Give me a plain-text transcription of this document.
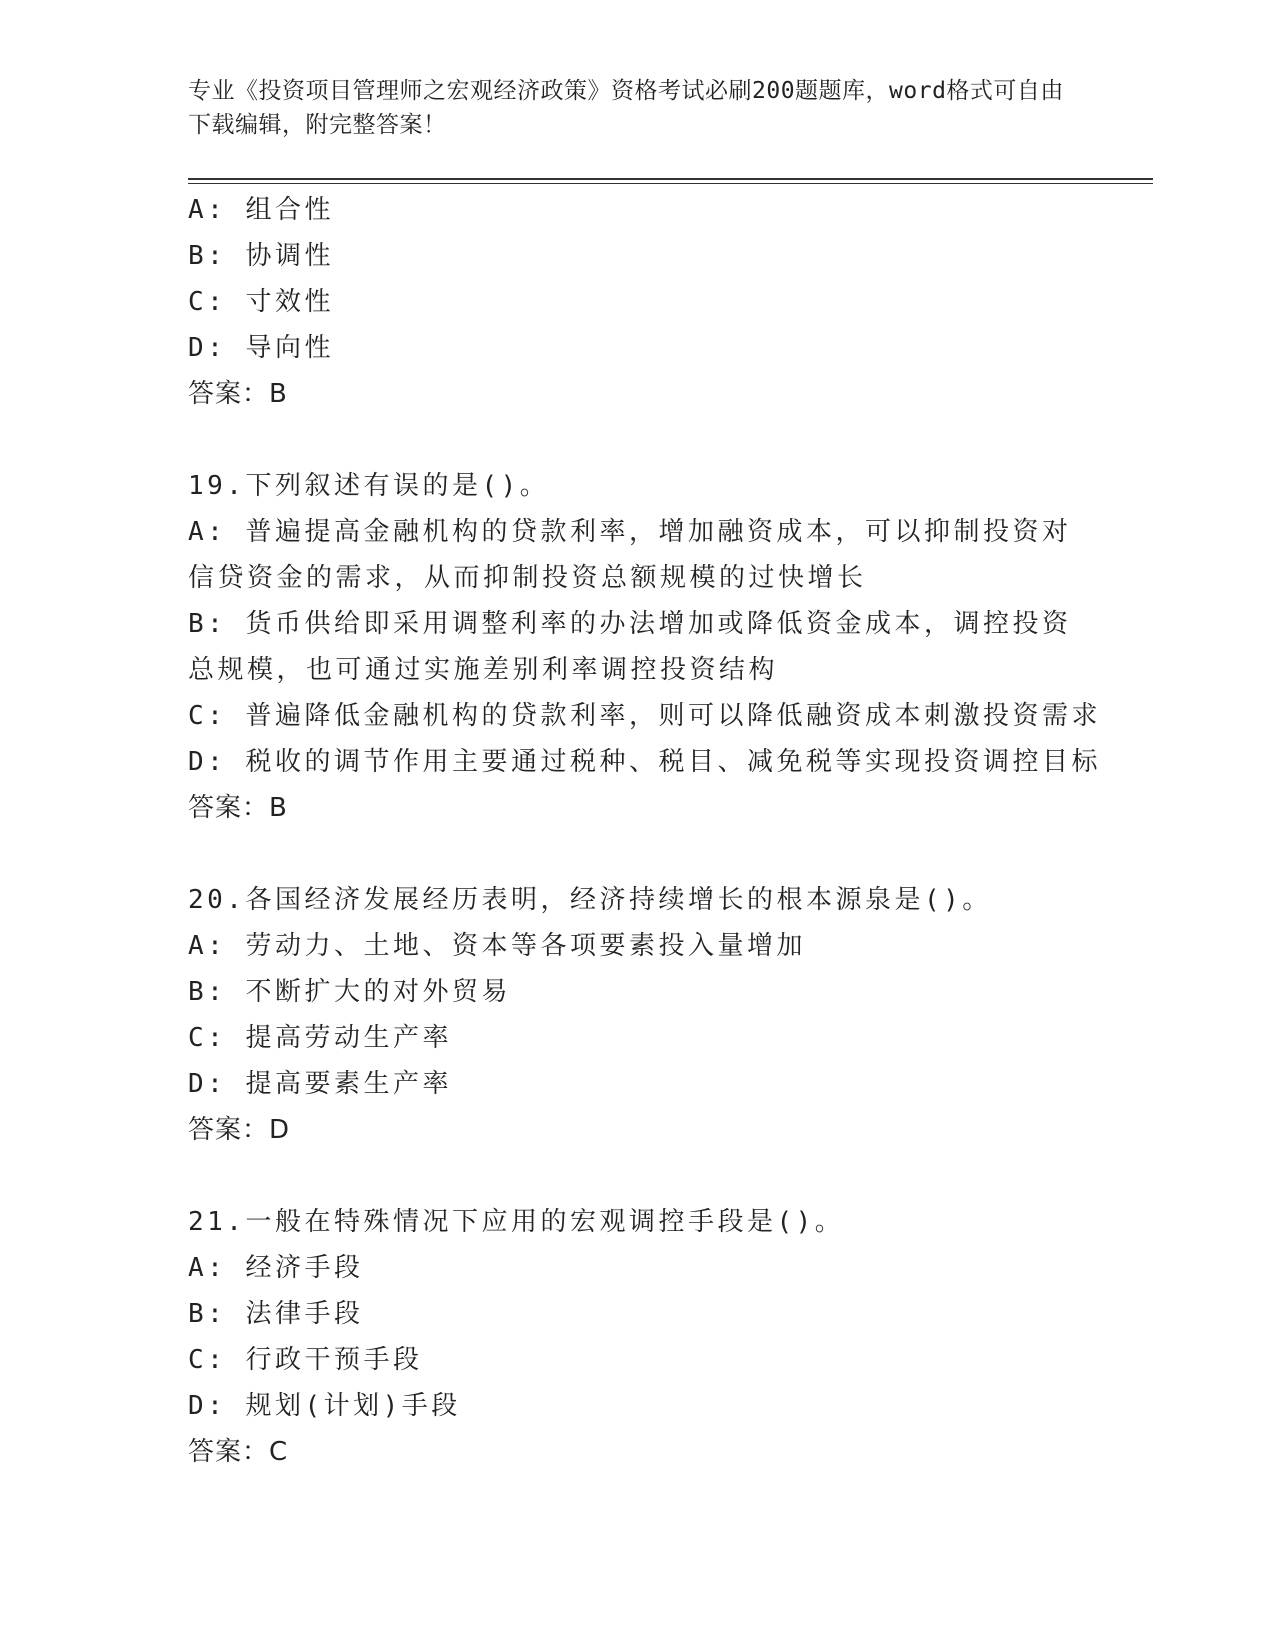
专业《投资项目管理师之宏观经济政策》资格考试必刷200题题库，word格式可自由下载编辑，附完整答案！
A: 组合性
B: 协调性
C: 寸效性
D: 导向性
答案：B
19.下列叙述有误的是()。
A: 普遍提高金融机构的贷款利率，增加融资成本，可以抑制投资对信贷资金的需求，从而抑制投资总额规模的过快增长
B: 货币供给即采用调整利率的办法增加或降低资金成本，调控投资总规模，也可通过实施差别利率调控投资结构
C: 普遍降低金融机构的贷款利率，则可以降低融资成本刺激投资需求
D: 税收的调节作用主要通过税种、税目、减免税等实现投资调控目标
答案：B
20.各国经济发展经历表明，经济持续增长的根本源泉是()。
A: 劳动力、土地、资本等各项要素投入量增加
B: 不断扩大的对外贸易
C: 提高劳动生产率
D: 提高要素生产率
答案：D
21.一般在特殊情况下应用的宏观调控手段是()。
A: 经济手段
B: 法律手段
C: 行政干预手段
D: 规划(计划)手段
答案：C
